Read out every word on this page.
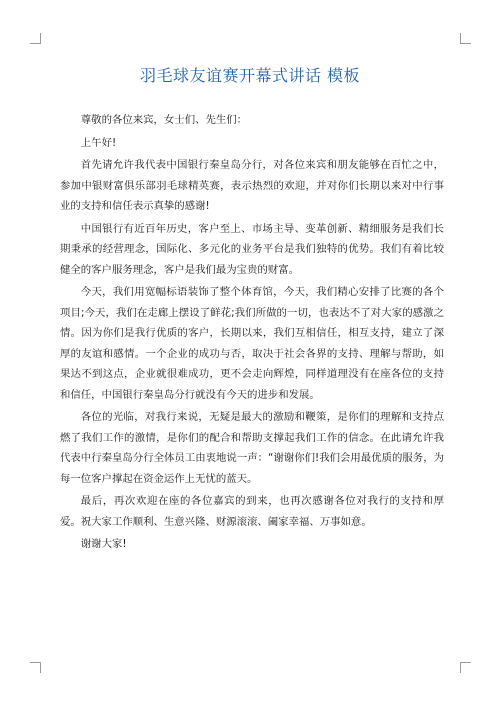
羽毛球友谊赛开幕式讲话 模板

尊敬的各位来宾，女士们、先生们：

上午好!

首先请允许我代表中国银行秦皇岛分行，对各位来宾和朋友能够在百忙之中，参加中银财富俱乐部羽毛球精英赛，表示热烈的欢迎，并对你们长期以来对中行事业的支持和信任表示真挚的感谢!

中国银行有近百年历史，客户至上、市场主导、变革创新、精细服务是我们长期秉承的经营理念，国际化、多元化的业务平台是我们独特的优势。我们有着比较健全的客户服务理念，客户是我们最为宝贵的财富。

今天，我们用宽幅标语装饰了整个体育馆，今天，我们精心安排了比赛的各个项目;今天，我们在走廊上摆设了鲜花;我们所做的一切，也表达不了对大家的感激之情。因为你们是我行优质的客户，长期以来，我们互相信任，相互支持，建立了深厚的友谊和感情。一个企业的成功与否，取决于社会各界的支持、理解与帮助，如果达不到这点，企业就很难成功，更不会走向辉煌，同样道理没有在座各位的支持和信任，中国银行秦皇岛分行就没有今天的进步和发展。

各位的光临，对我行来说，无疑是最大的激励和鞭策，是你们的理解和支持点燃了我们工作的激情，是你们的配合和帮助支撑起我们工作的信念。在此请允许我代表中行秦皇岛分行全体员工由衷地说一声：“谢谢你们!我们会用最优质的服务，为每一位客户撑起在资金运作上无忧的蓝天。

最后，再次欢迎在座的各位嘉宾的到来，也再次感谢各位对我行的支持和厚爱。祝大家工作顺利、生意兴隆、财源滚滚、阖家幸福、万事如意。

谢谢大家!
